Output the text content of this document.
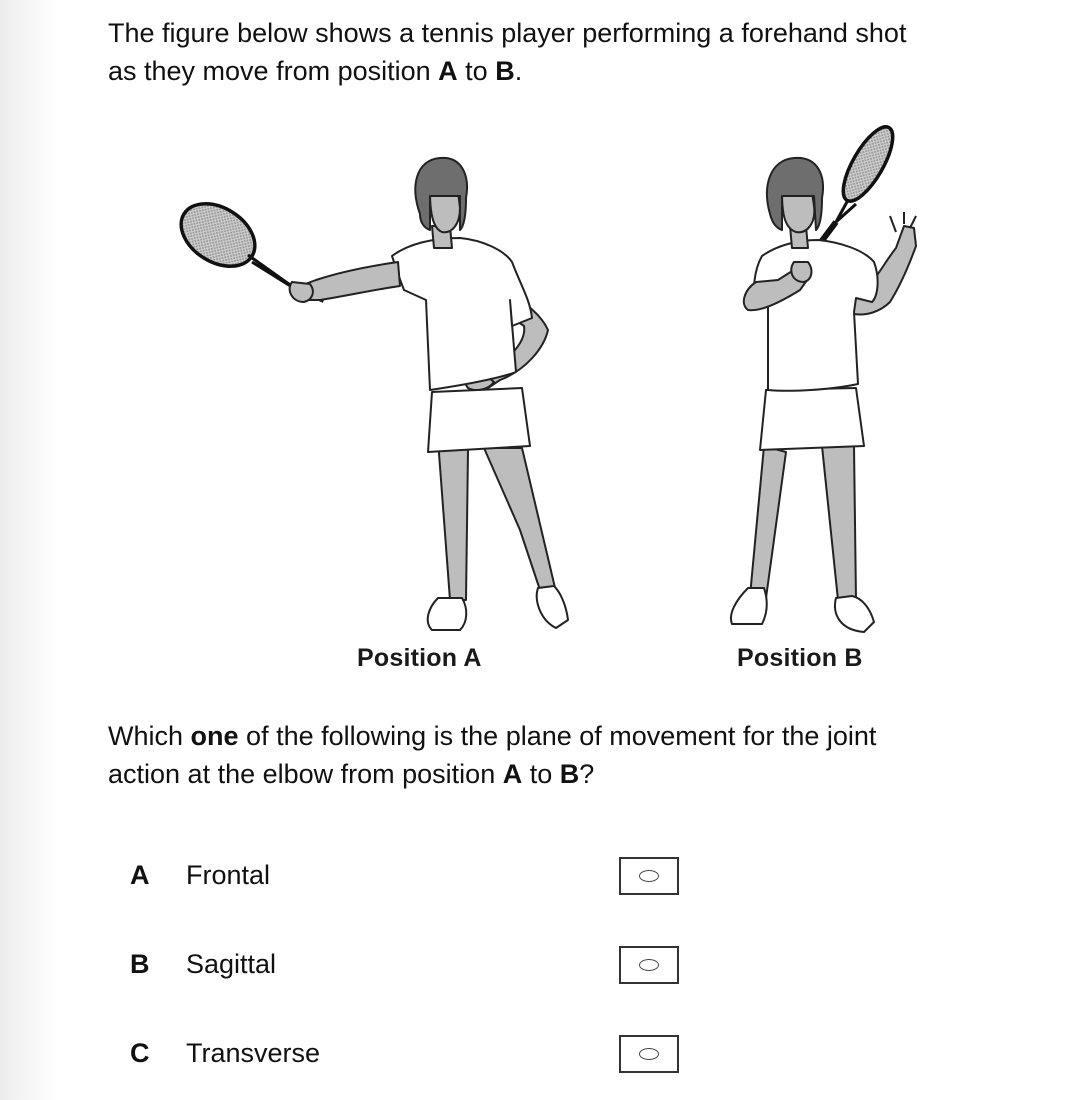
The figure below shows a tennis player performing a forehand shot
as they move from position A to B.
Position A	Position B
Which one of the following is the plane of movement for the joint
action at the elbow from position A to B?
A Frontal
B Sagittal
C Transverse
